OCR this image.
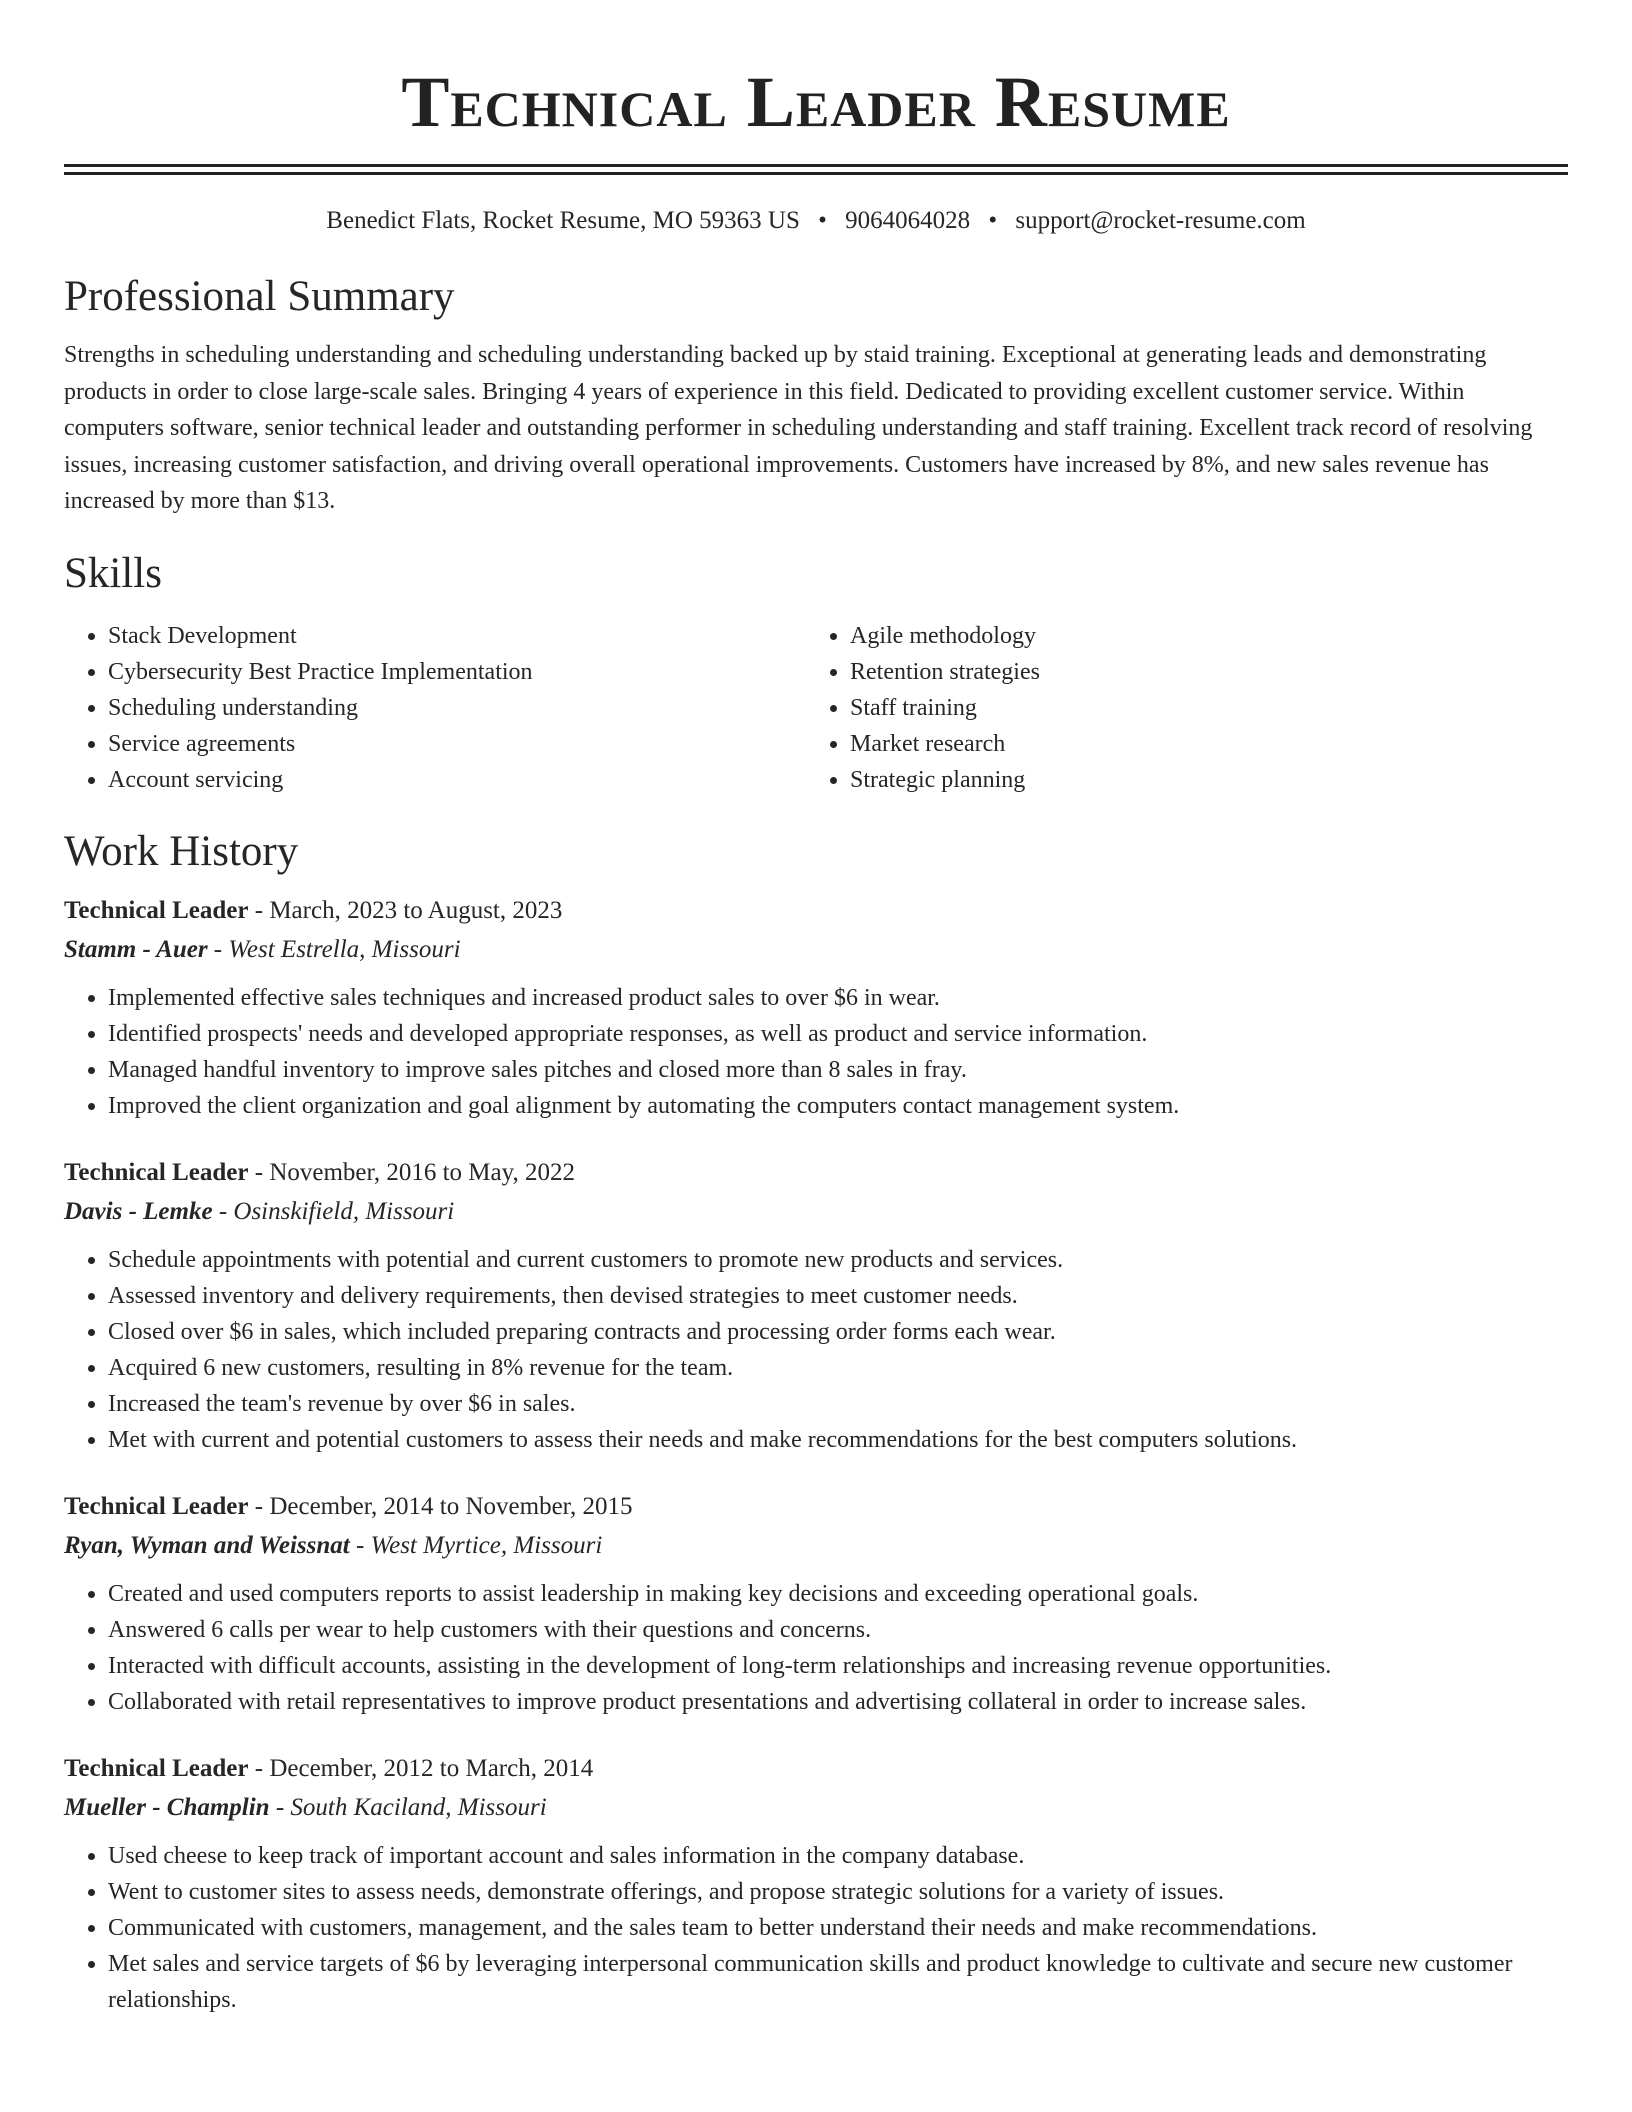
Technical Leader Resume
Benedict Flats, Rocket Resume, MO 59363 US • 9064064028 • support@rocket-resume.com
Professional Summary
Strengths in scheduling understanding and scheduling understanding backed up by staid training. Exceptional at generating leads and demonstrating products in order to close large-scale sales. Bringing 4 years of experience in this field. Dedicated to providing excellent customer service. Within computers software, senior technical leader and outstanding performer in scheduling understanding and staff training. Excellent track record of resolving issues, increasing customer satisfaction, and driving overall operational improvements. Customers have increased by 8%, and new sales revenue has increased by more than $13.
Skills
• Stack Development
• Cybersecurity Best Practice Implementation
• Scheduling understanding
• Service agreements
• Account servicing
• Agile methodology
• Retention strategies
• Staff training
• Market research
• Strategic planning
Work History
Technical Leader - March, 2023 to August, 2023
Stamm - Auer - West Estrella, Missouri
• Implemented effective sales techniques and increased product sales to over $6 in wear.
• Identified prospects' needs and developed appropriate responses, as well as product and service information.
• Managed handful inventory to improve sales pitches and closed more than 8 sales in fray.
• Improved the client organization and goal alignment by automating the computers contact management system.
Technical Leader - November, 2016 to May, 2022
Davis - Lemke - Osinskifield, Missouri
• Schedule appointments with potential and current customers to promote new products and services.
• Assessed inventory and delivery requirements, then devised strategies to meet customer needs.
• Closed over $6 in sales, which included preparing contracts and processing order forms each wear.
• Acquired 6 new customers, resulting in 8% revenue for the team.
• Increased the team's revenue by over $6 in sales.
• Met with current and potential customers to assess their needs and make recommendations for the best computers solutions.
Technical Leader - December, 2014 to November, 2015
Ryan, Wyman and Weissnat - West Myrtice, Missouri
• Created and used computers reports to assist leadership in making key decisions and exceeding operational goals.
• Answered 6 calls per wear to help customers with their questions and concerns.
• Interacted with difficult accounts, assisting in the development of long-term relationships and increasing revenue opportunities.
• Collaborated with retail representatives to improve product presentations and advertising collateral in order to increase sales.
Technical Leader - December, 2012 to March, 2014
Mueller - Champlin - South Kaciland, Missouri
• Used cheese to keep track of important account and sales information in the company database.
• Went to customer sites to assess needs, demonstrate offerings, and propose strategic solutions for a variety of issues.
• Communicated with customers, management, and the sales team to better understand their needs and make recommendations.
• Met sales and service targets of $6 by leveraging interpersonal communication skills and product knowledge to cultivate and secure new customer relationships.
